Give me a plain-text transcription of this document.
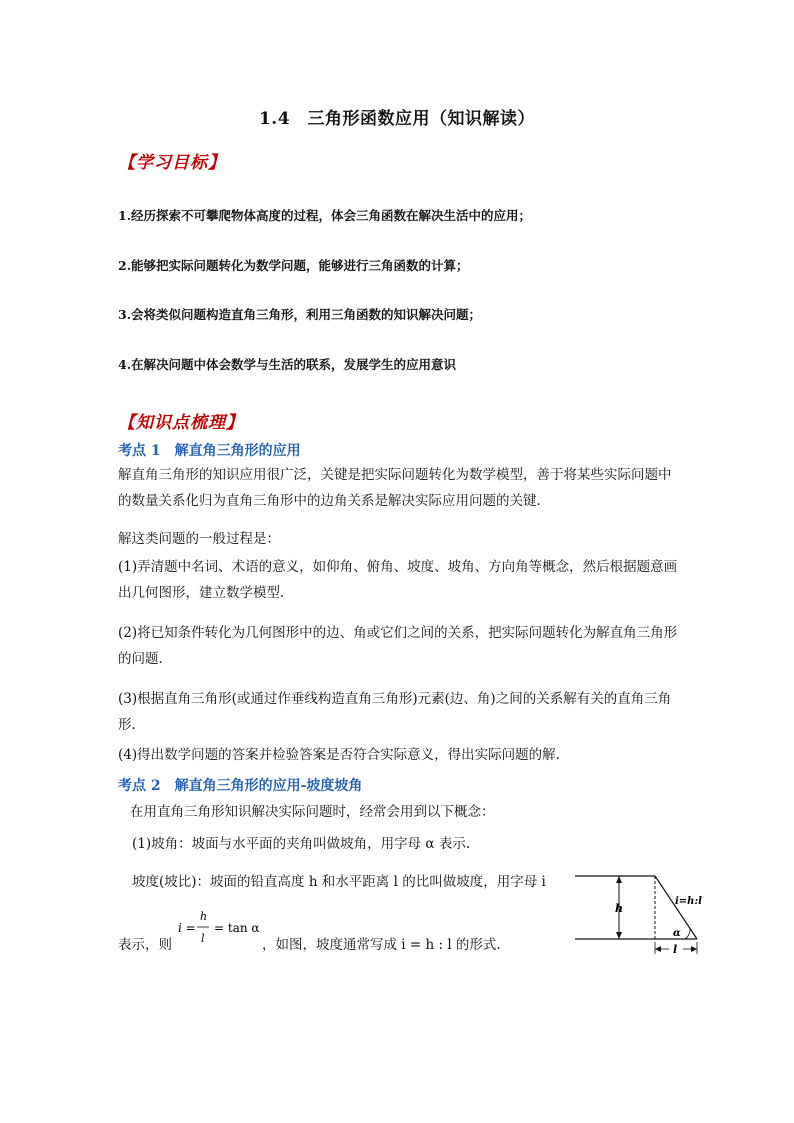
1.4　三角形函数应用（知识解读）
【学习目标】
1.经历探索不可攀爬物体高度的过程，体会三角函数在解决生活中的应用；
2.能够把实际问题转化为数学问题，能够进行三角函数的计算；
3.会将类似问题构造直角三角形，利用三角函数的知识解决问题；
4.在解决问题中体会数学与生活的联系，发展学生的应用意识
【知识点梳理】
考点 1　解直角三角形的应用
解直角三角形的知识应用很广泛，关键是把实际问题转化为数学模型，善于将某些实际问题中的数量关系化归为直角三角形中的边角关系是解决实际应用问题的关键.
解这类问题的一般过程是：
(1)弄清题中名词、术语的意义，如仰角、俯角、坡度、坡角、方向角等概念，然后根据题意画出几何图形，建立数学模型.
(2)将已知条件转化为几何图形中的边、角或它们之间的关系，把实际问题转化为解直角三角形的问题.
(3)根据直角三角形(或通过作垂线构造直角三角形)元素(边、角)之间的关系解有关的直角三角形.
(4)得出数学问题的答案并检验答案是否符合实际意义，得出实际问题的解.
考点 2　解直角三角形的应用-坡度坡角
在用直角三角形知识解决实际问题时，经常会用到以下概念：
(1)坡角：坡面与水平面的夹角叫做坡角，用字母 α 表示.
坡度(坡比)：坡面的铅直高度 h 和水平距离 l 的比叫做坡度，用字母 i
表示，则
i =
h
l
= tan α
，如图，坡度通常写成 i = h : l 的形式.
h
i=h:l
α
l
